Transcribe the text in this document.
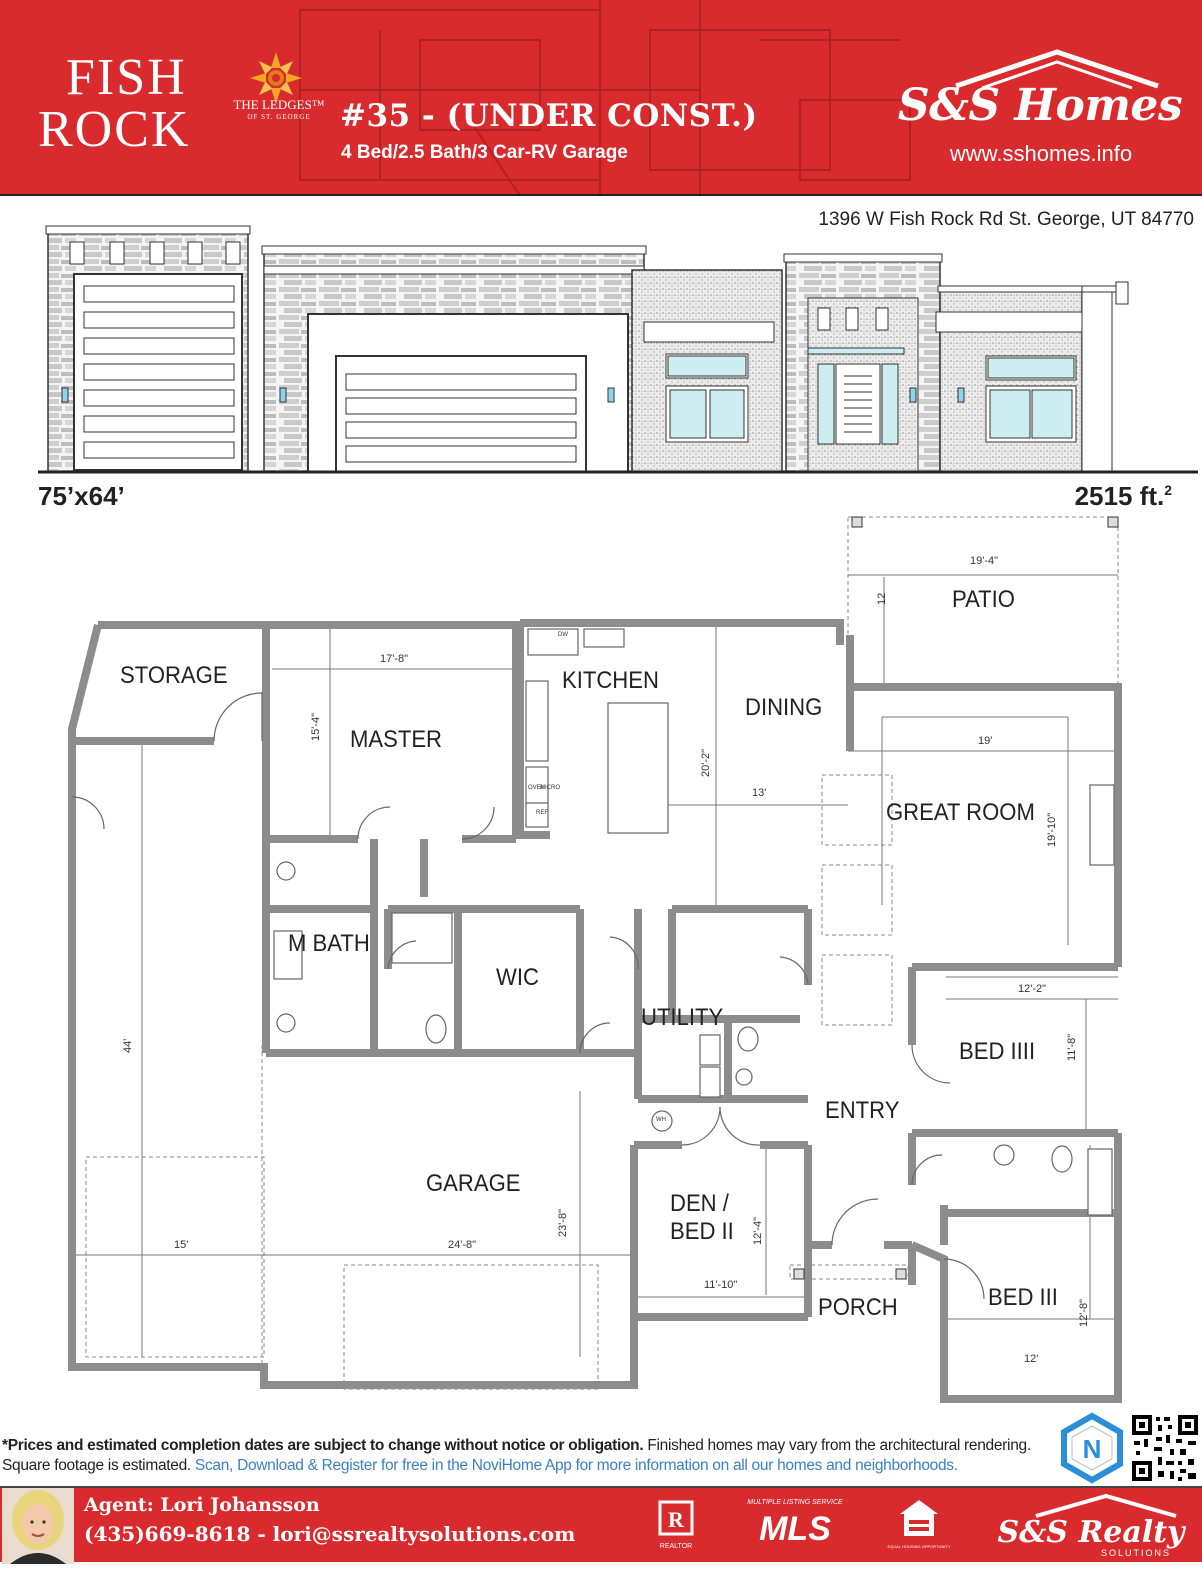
FISH
ROCK	THE LEDGES™
OF ST. GEORGE #35 - (UNDER CONST.)
4 Bed/2.5 Bath/3 Car-RV Garage
S&S Homes
www.sshomes.info
1396 W Fish Rock Rd St. George, UT 84770
75’x64’	2515 ft.$^2$
STORAGE
MASTER
KITCHEN
DINING
PATIO
GREAT ROOM
M BATH
WIC
UTILITY
ENTRY
BED IIII
GARAGE
DEN /
BED II
PORCH	BED III
19'-4"
12
17'-8"
15'-4"
20'-2"
13'
19'
19'-10"
12'-2"
11'-8"
44'
15'	24'-8"
23'-8"	12'-4"
11'-10"
12'-8"
12'
DW
OVEN
MICRO
REF
WH
*Prices and estimated completion dates are subject to change without notice or obligation. Finished homes may vary from the architectural rendering. Square footage is estimated. Scan, Download & Register for free in the NoviHome App for more information on all our homes and neighborhoods.
N
Agent: Lori Johansson
(435)669-8618 - lori@ssrealtysolutions.com
R
REALTOR
MULTIPLE LISTING SERVICE
MLS	EQUAL HOUSING OPPORTUNITY S&S Realty
SOLUTIONS
